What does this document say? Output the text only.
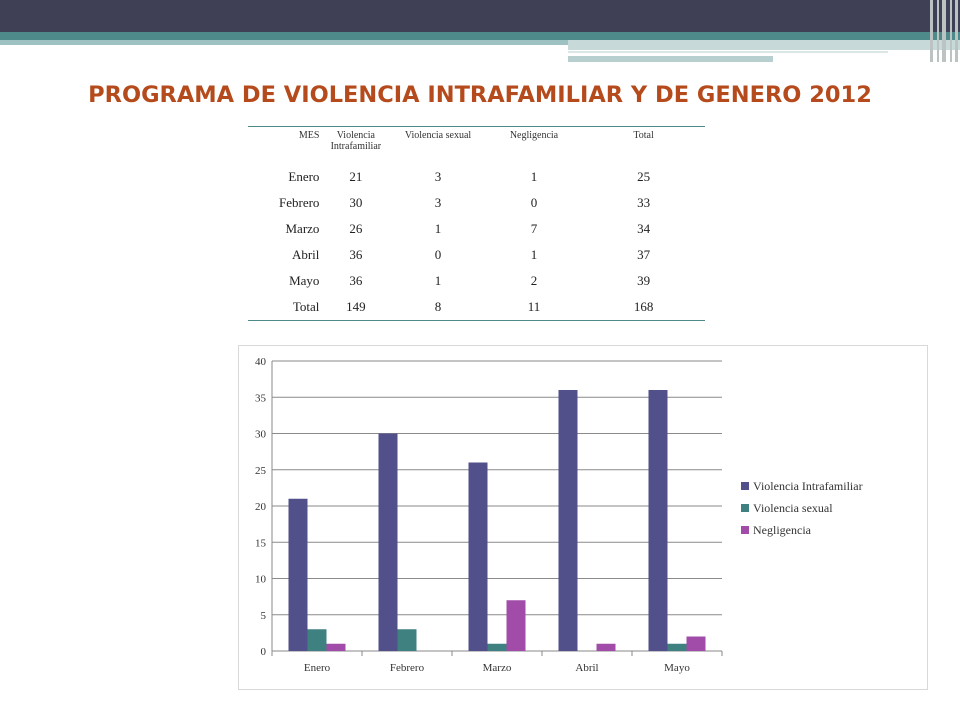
PROGRAMA DE VIOLENCIA INTRAFAMILIAR Y DE GENERO 2012
MES	Violencia Intrafamiliar	Violencia sexual	Negligencia	Total
Enero	21	3	1	25
Febrero	30	3	0	33
Marzo	26	1	7	34
Abril	36	0	1	37
Mayo	36	1	2	39
Total	149	8	11	168
0
5
10
15
20
25
30
35
40
Enero	Febrero	Marzo	Abril	Mayo
Violencia Intrafamiliar
Violencia sexual
Negligencia
